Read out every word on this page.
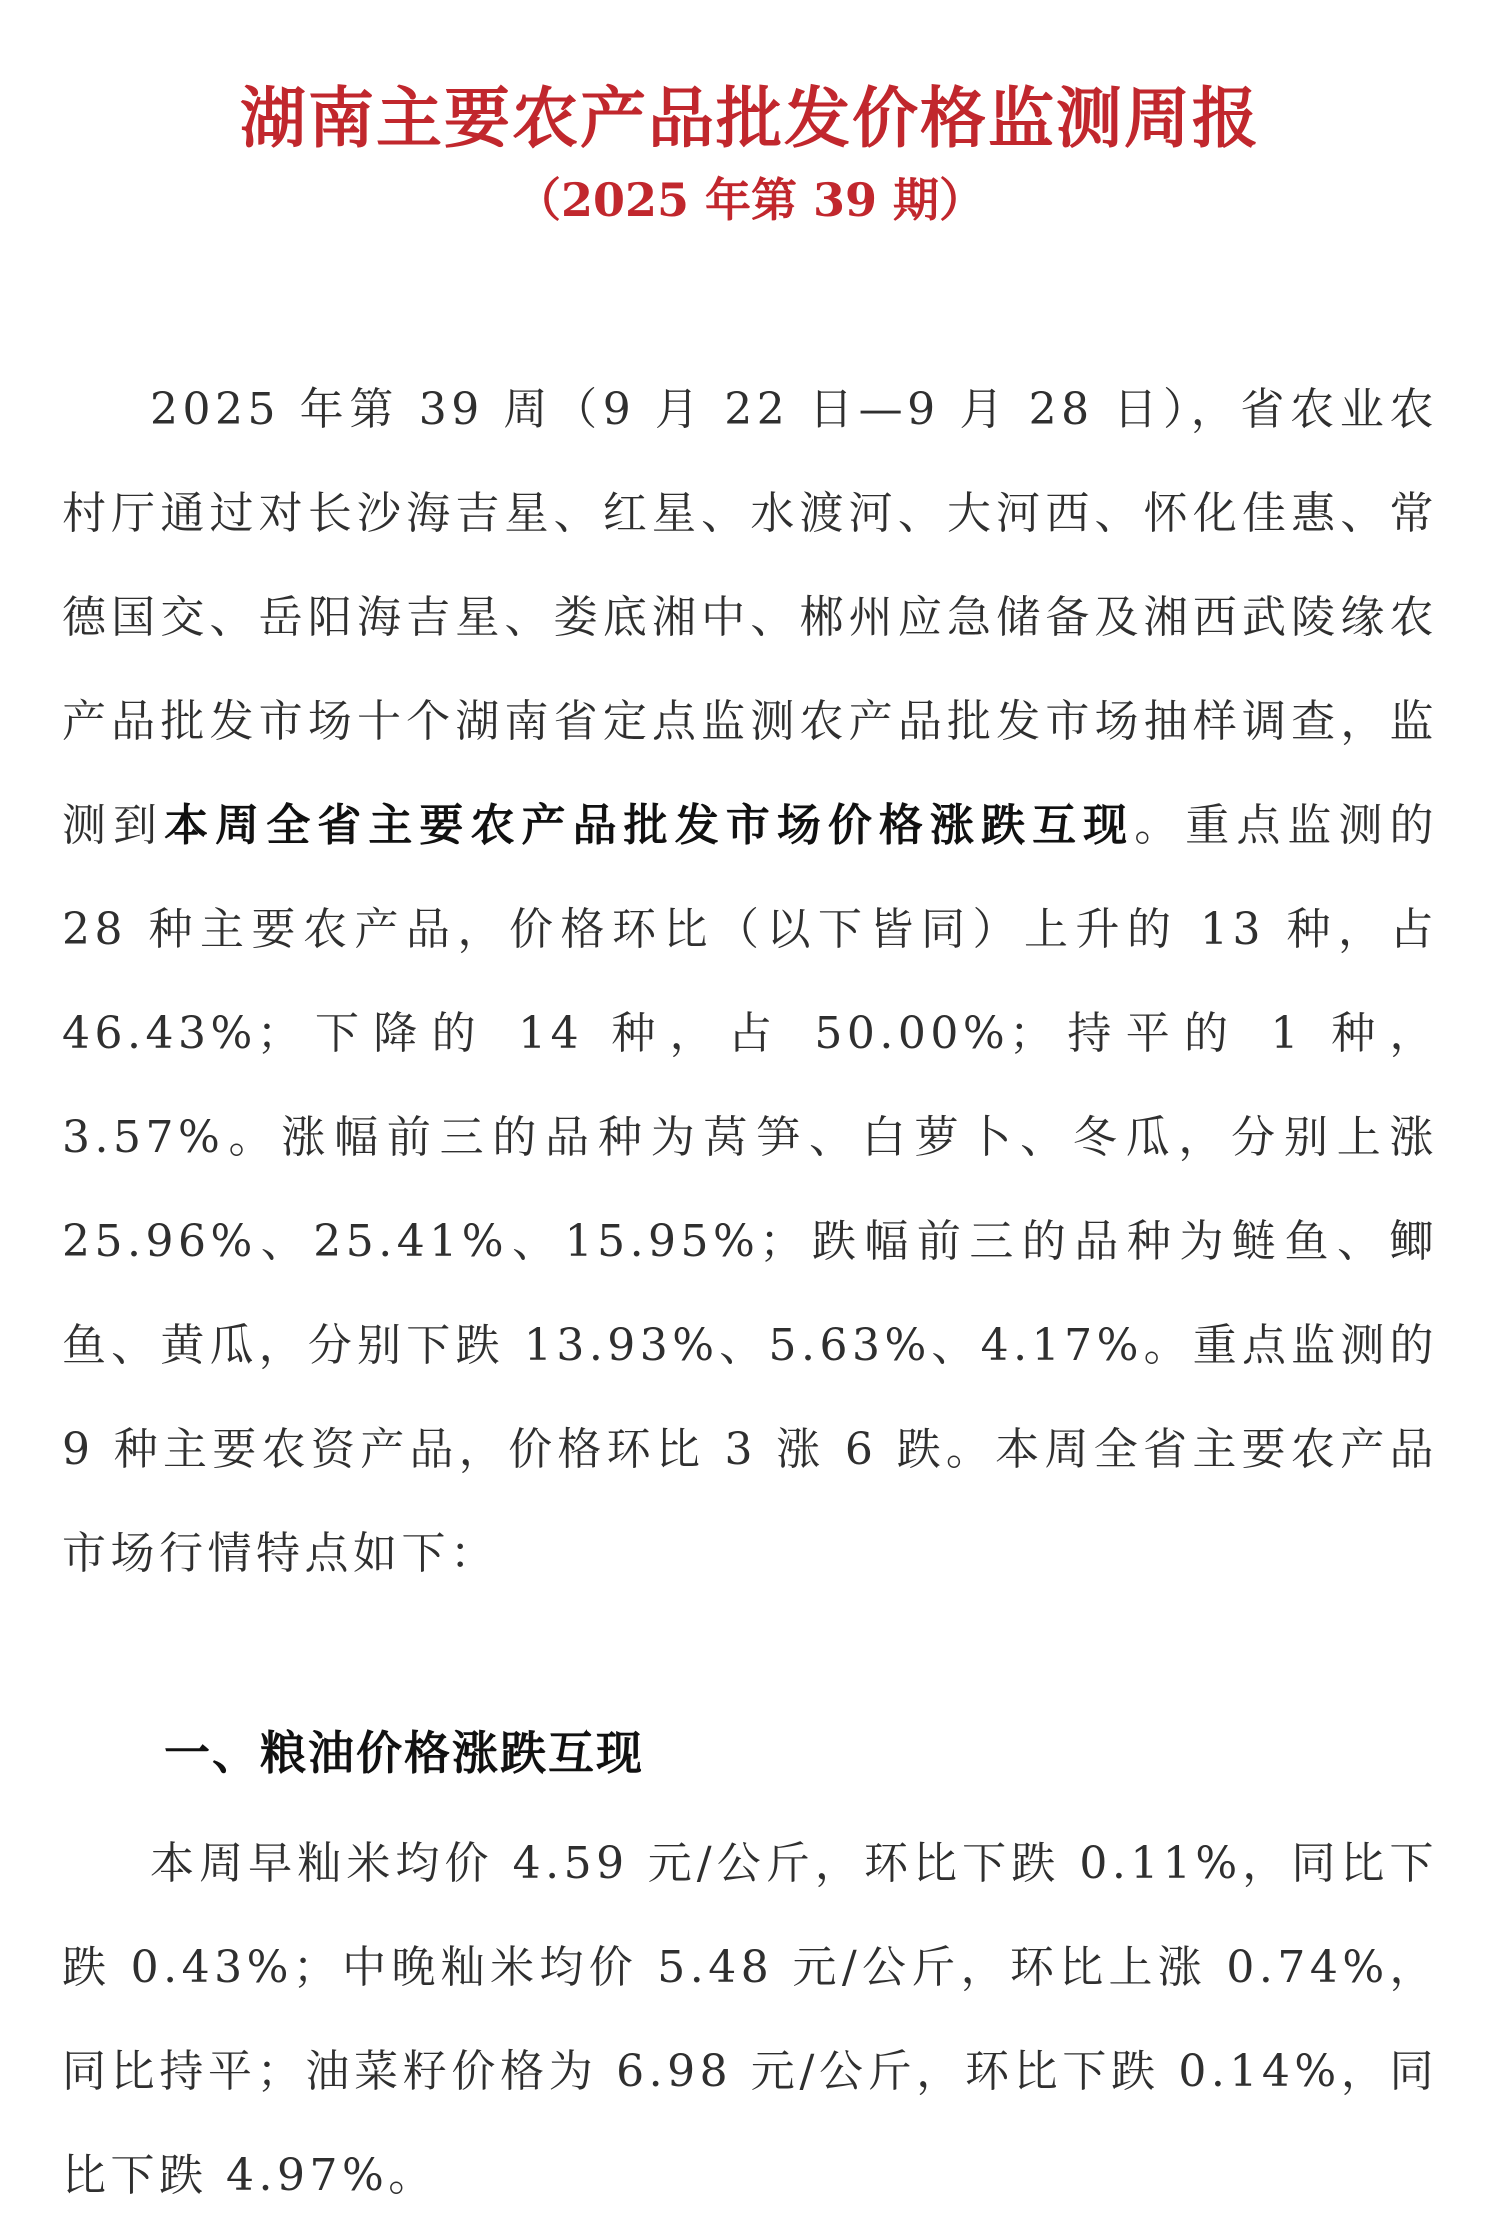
湖南主要农产品批发价格监测周报
（2025 年第 39 期）

2025 年第 39 周（9 月 22 日—9 月 28 日），省农业农村厅通过对长沙海吉星、红星、水渡河、大河西、怀化佳惠、常德国交、岳阳海吉星、娄底湘中、郴州应急储备及湘西武陵缘农产品批发市场十个湖南省定点监测农产品批发市场抽样调查，监测到本周全省主要农产品批发市场价格涨跌互现。重点监测的 28 种主要农产品，价格环比（以下皆同）上升的 13 种，占 46.43%；下降的 14 种，占 50.00%；持平的 1 种，3.57%。涨幅前三的品种为莴笋、白萝卜、冬瓜，分别上涨 25.96%、25.41%、15.95%；跌幅前三的品种为鲢鱼、鲫鱼、黄瓜，分别下跌 13.93%、5.63%、4.17%。重点监测的 9 种主要农资产品，价格环比 3 涨 6 跌。本周全省主要农产品市场行情特点如下：

一、粮油价格涨跌互现

本周早籼米均价 4.59 元/公斤，环比下跌 0.11%，同比下跌 0.43%；中晚籼米均价 5.48 元/公斤，环比上涨 0.74%，同比持平；油菜籽价格为 6.98 元/公斤，环比下跌 0.14%，同比下跌 4.97%。
